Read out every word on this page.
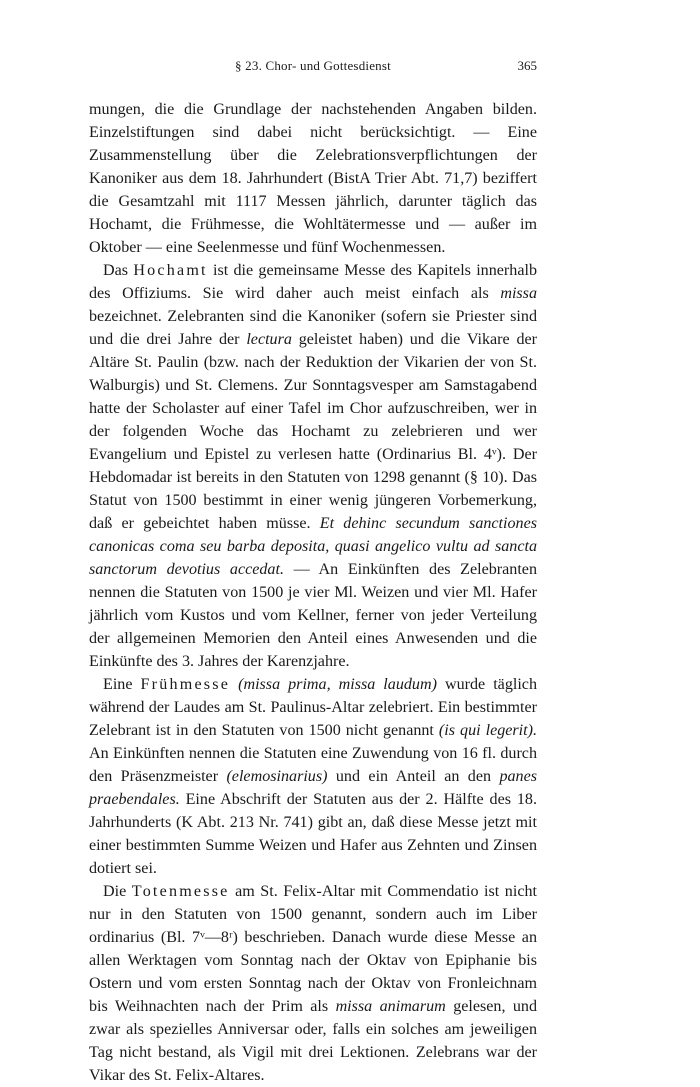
§ 23. Chor- und Gottesdienst	365

mungen, die die Grundlage der nachstehenden Angaben bilden. Einzelstiftungen sind dabei nicht berücksichtigt. — Eine Zusammenstellung über die Zelebrationsverpflichtungen der Kanoniker aus dem 18. Jahrhundert (BistA Trier Abt. 71,7) beziffert die Gesamtzahl mit 1117 Messen jährlich, darunter täglich das Hochamt, die Frühmesse, die Wohltätermesse und — außer im Oktober — eine Seelenmesse und fünf Wochenmessen.

Das Hochamt ist die gemeinsame Messe des Kapitels innerhalb des Offiziums. Sie wird daher auch meist einfach als missa bezeichnet. Zelebranten sind die Kanoniker (sofern sie Priester sind und die drei Jahre der lectura geleistet haben) und die Vikare der Altäre St. Paulin (bzw. nach der Reduktion der Vikarien der von St. Walburgis) und St. Clemens. Zur Sonntagsvesper am Samstagabend hatte der Scholaster auf einer Tafel im Chor aufzuschreiben, wer in der folgenden Woche das Hochamt zu zelebrieren und wer Evangelium und Epistel zu verlesen hatte (Ordinarius Bl. 4ᵛ). Der Hebdomadar ist bereits in den Statuten von 1298 genannt (§ 10). Das Statut von 1500 bestimmt in einer wenig jüngeren Vorbemerkung, daß er gebeichtet haben müsse. Et dehinc secundum sanctiones canonicas coma seu barba deposita, quasi angelico vultu ad sancta sanctorum devotius accedat. — An Einkünften des Zelebranten nennen die Statuten von 1500 je vier Ml. Weizen und vier Ml. Hafer jährlich vom Kustos und vom Kellner, ferner von jeder Verteilung der allgemeinen Memorien den Anteil eines Anwesenden und die Einkünfte des 3. Jahres der Karenzjahre.

Eine Frühmesse (missa prima, missa laudum) wurde täglich während der Laudes am St. Paulinus-Altar zelebriert. Ein bestimmter Zelebrant ist in den Statuten von 1500 nicht genannt (is qui legerit). An Einkünften nennen die Statuten eine Zuwendung von 16 fl. durch den Präsenzmeister (elemosinarius) und ein Anteil an den panes praebendales. Eine Abschrift der Statuten aus der 2. Hälfte des 18. Jahrhunderts (K Abt. 213 Nr. 741) gibt an, daß diese Messe jetzt mit einer bestimmten Summe Weizen und Hafer aus Zehnten und Zinsen dotiert sei.

Die Totenmesse am St. Felix-Altar mit Commendatio ist nicht nur in den Statuten von 1500 genannt, sondern auch im Liber ordinarius (Bl. 7ᵛ—8ʳ) beschrieben. Danach wurde diese Messe an allen Werktagen vom Sonntag nach der Oktav von Epiphanie bis Ostern und vom ersten Sonntag nach der Oktav von Fronleichnam bis Weihnachten nach der Prim als missa animarum gelesen, und zwar als spezielles Anniversar oder, falls ein solches am jeweiligen Tag nicht bestand, als Vigil mit drei Lektionen. Zelebrans war der Vikar des St. Felix-Altares.
